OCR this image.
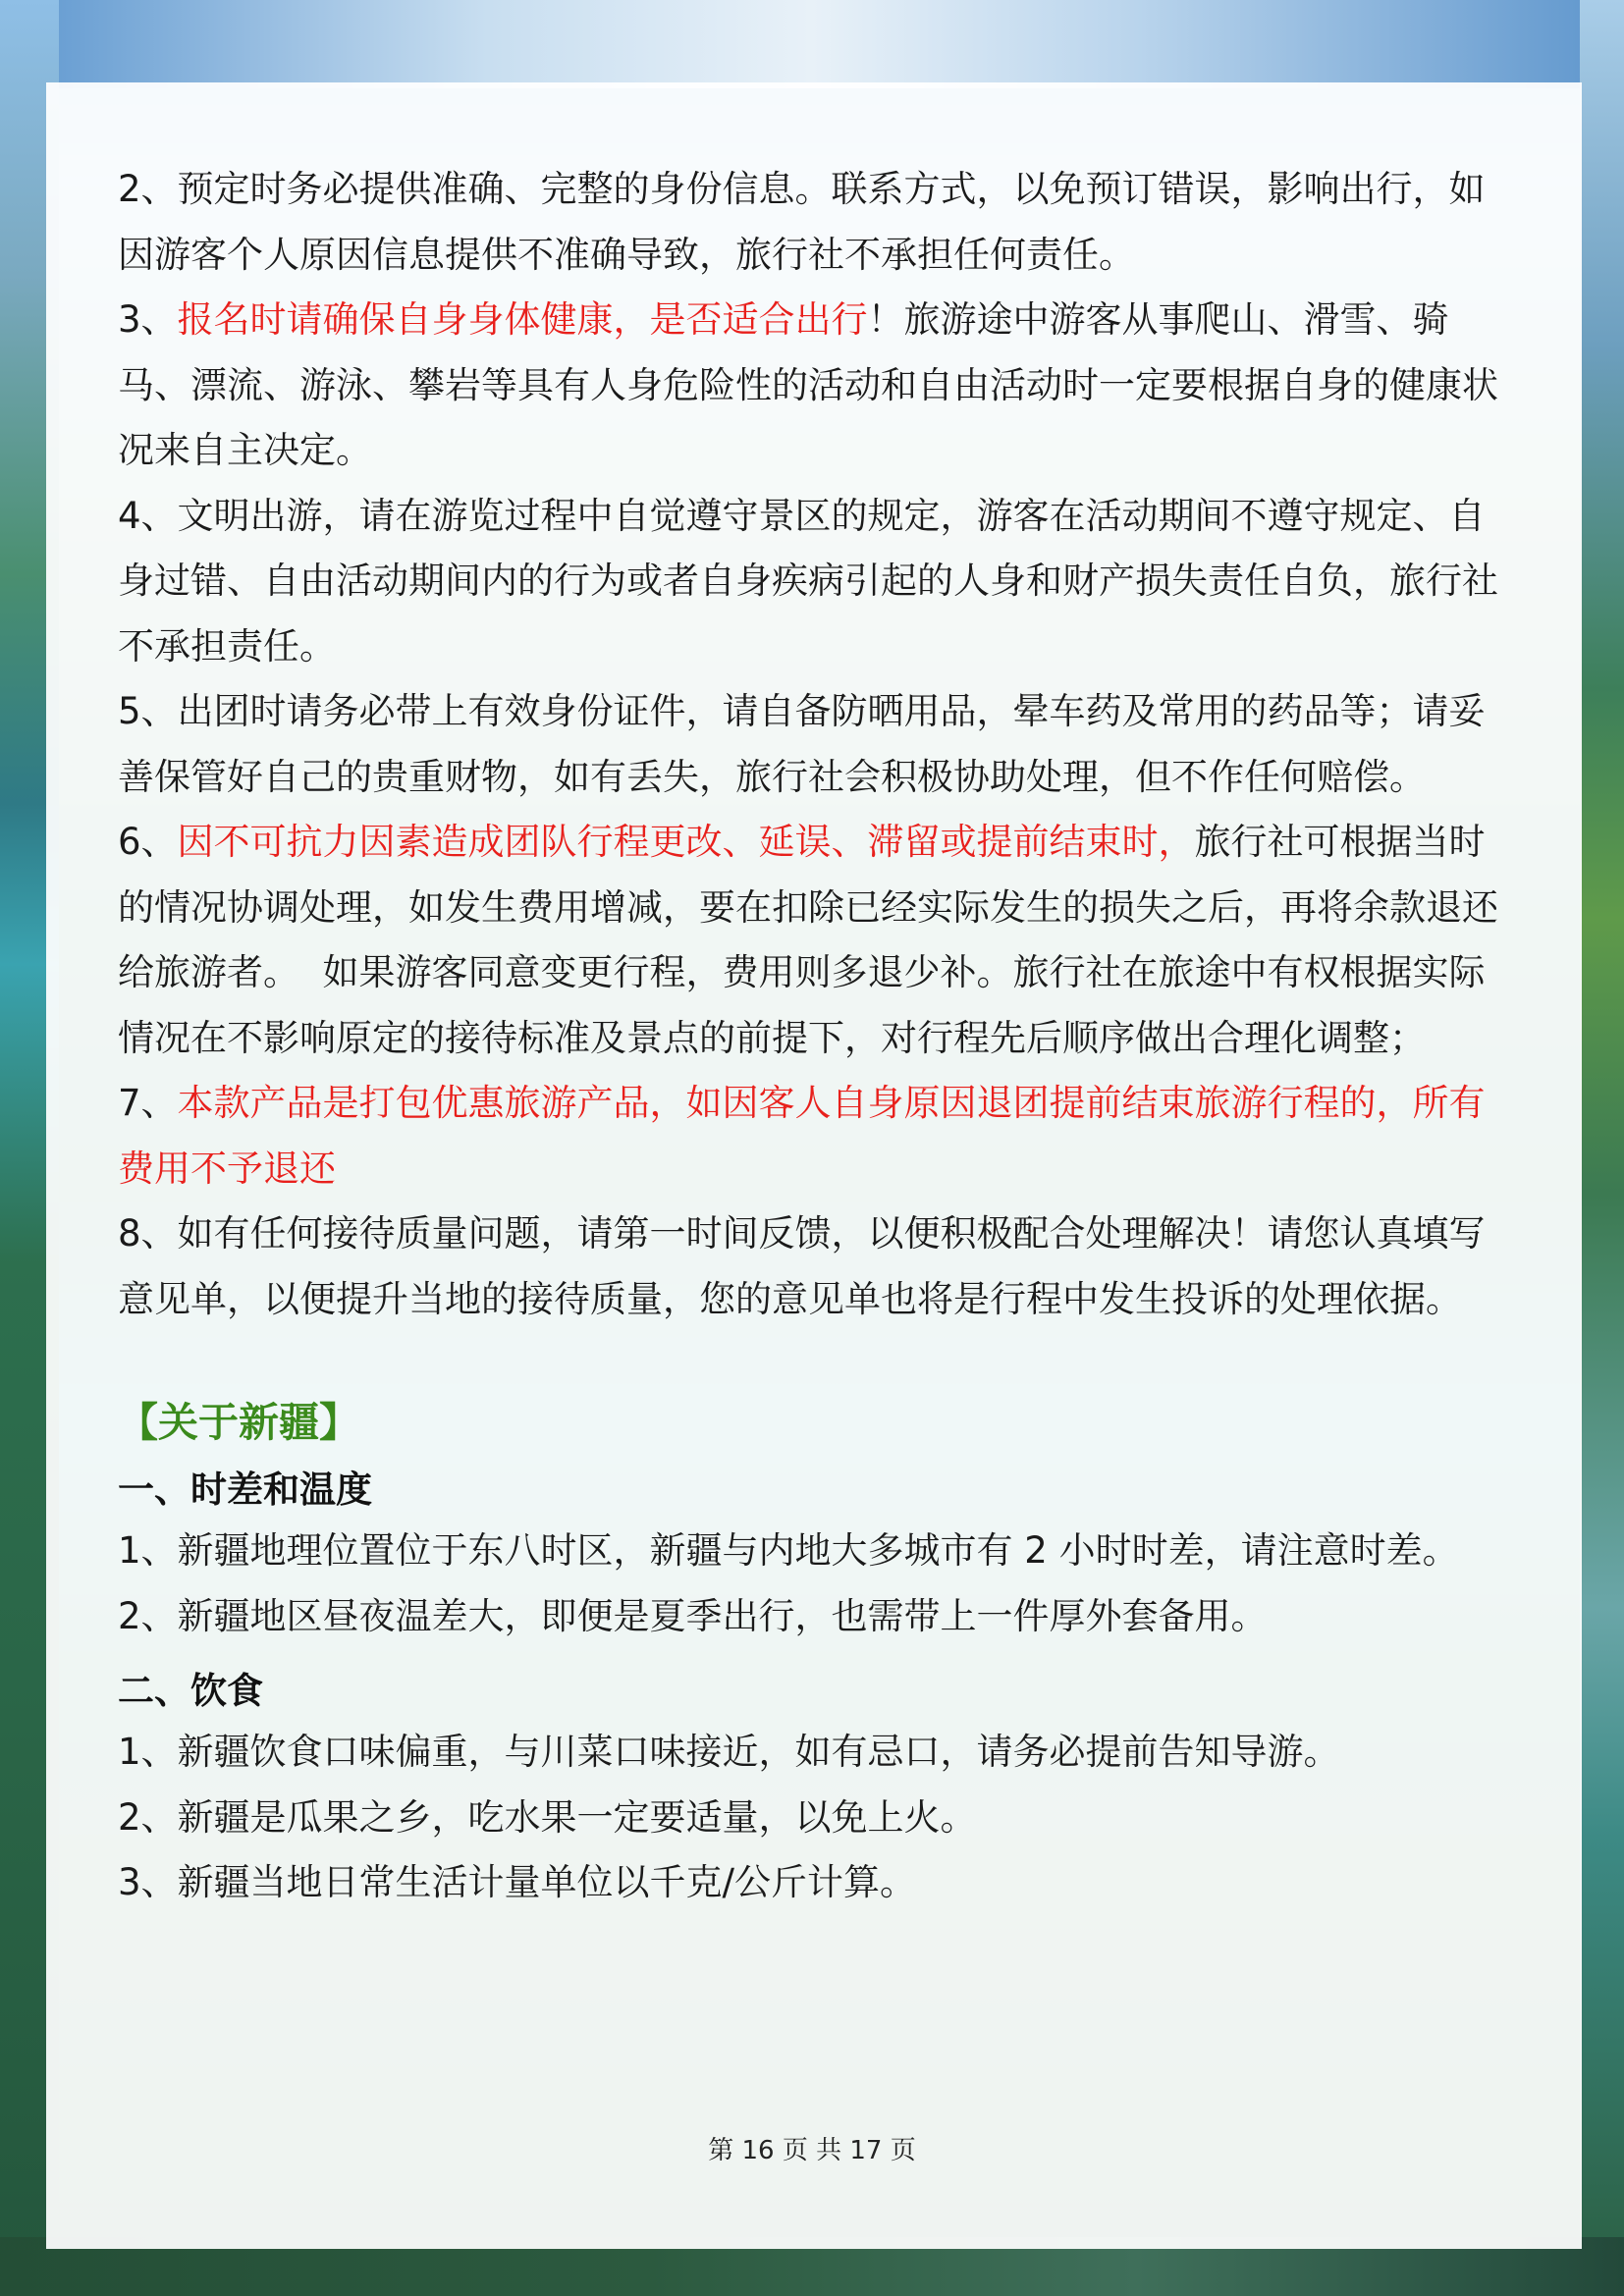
2、预定时务必提供准确、完整的身份信息。联系方式，以免预订错误，影响出行，如因游客个人原因信息提供不准确导致，旅行社不承担任何责任。

3、报名时请确保自身身体健康，是否适合出行！旅游途中游客从事爬山、滑雪、骑马、漂流、游泳、攀岩等具有人身危险性的活动和自由活动时一定要根据自身的健康状况来自主决定。

4、文明出游，请在游览过程中自觉遵守景区的规定，游客在活动期间不遵守规定、自身过错、自由活动期间内的行为或者自身疾病引起的人身和财产损失责任自负，旅行社不承担责任。

5、出团时请务必带上有效身份证件，请自备防晒用品，晕车药及常用的药品等；请妥善保管好自己的贵重财物，如有丢失，旅行社会积极协助处理，但不作任何赔偿。

6、因不可抗力因素造成团队行程更改、延误、滞留或提前结束时，旅行社可根据当时的情况协调处理，如发生费用增减，要在扣除已经实际发生的损失之后，再将余款退还给旅游者。  如果游客同意变更行程，费用则多退少补。旅行社在旅途中有权根据实际情况在不影响原定的接待标准及景点的前提下，对行程先后顺序做出合理化调整；

7、本款产品是打包优惠旅游产品，如因客人自身原因退团提前结束旅游行程的，所有费用不予退还

8、如有任何接待质量问题，请第一时间反馈，以便积极配合处理解决！请您认真填写意见单，以便提升当地的接待质量，您的意见单也将是行程中发生投诉的处理依据。

【关于新疆】
一、时差和温度

1、新疆地理位置位于东八时区，新疆与内地大多城市有 2 小时时差，请注意时差。

2、新疆地区昼夜温差大，即便是夏季出行，也需带上一件厚外套备用。

二、饮食

1、新疆饮食口味偏重，与川菜口味接近，如有忌口，请务必提前告知导游。

2、新疆是瓜果之乡，吃水果一定要适量，以免上火。

3、新疆当地日常生活计量单位以千克/公斤计算。

第 16 页 共 17 页
